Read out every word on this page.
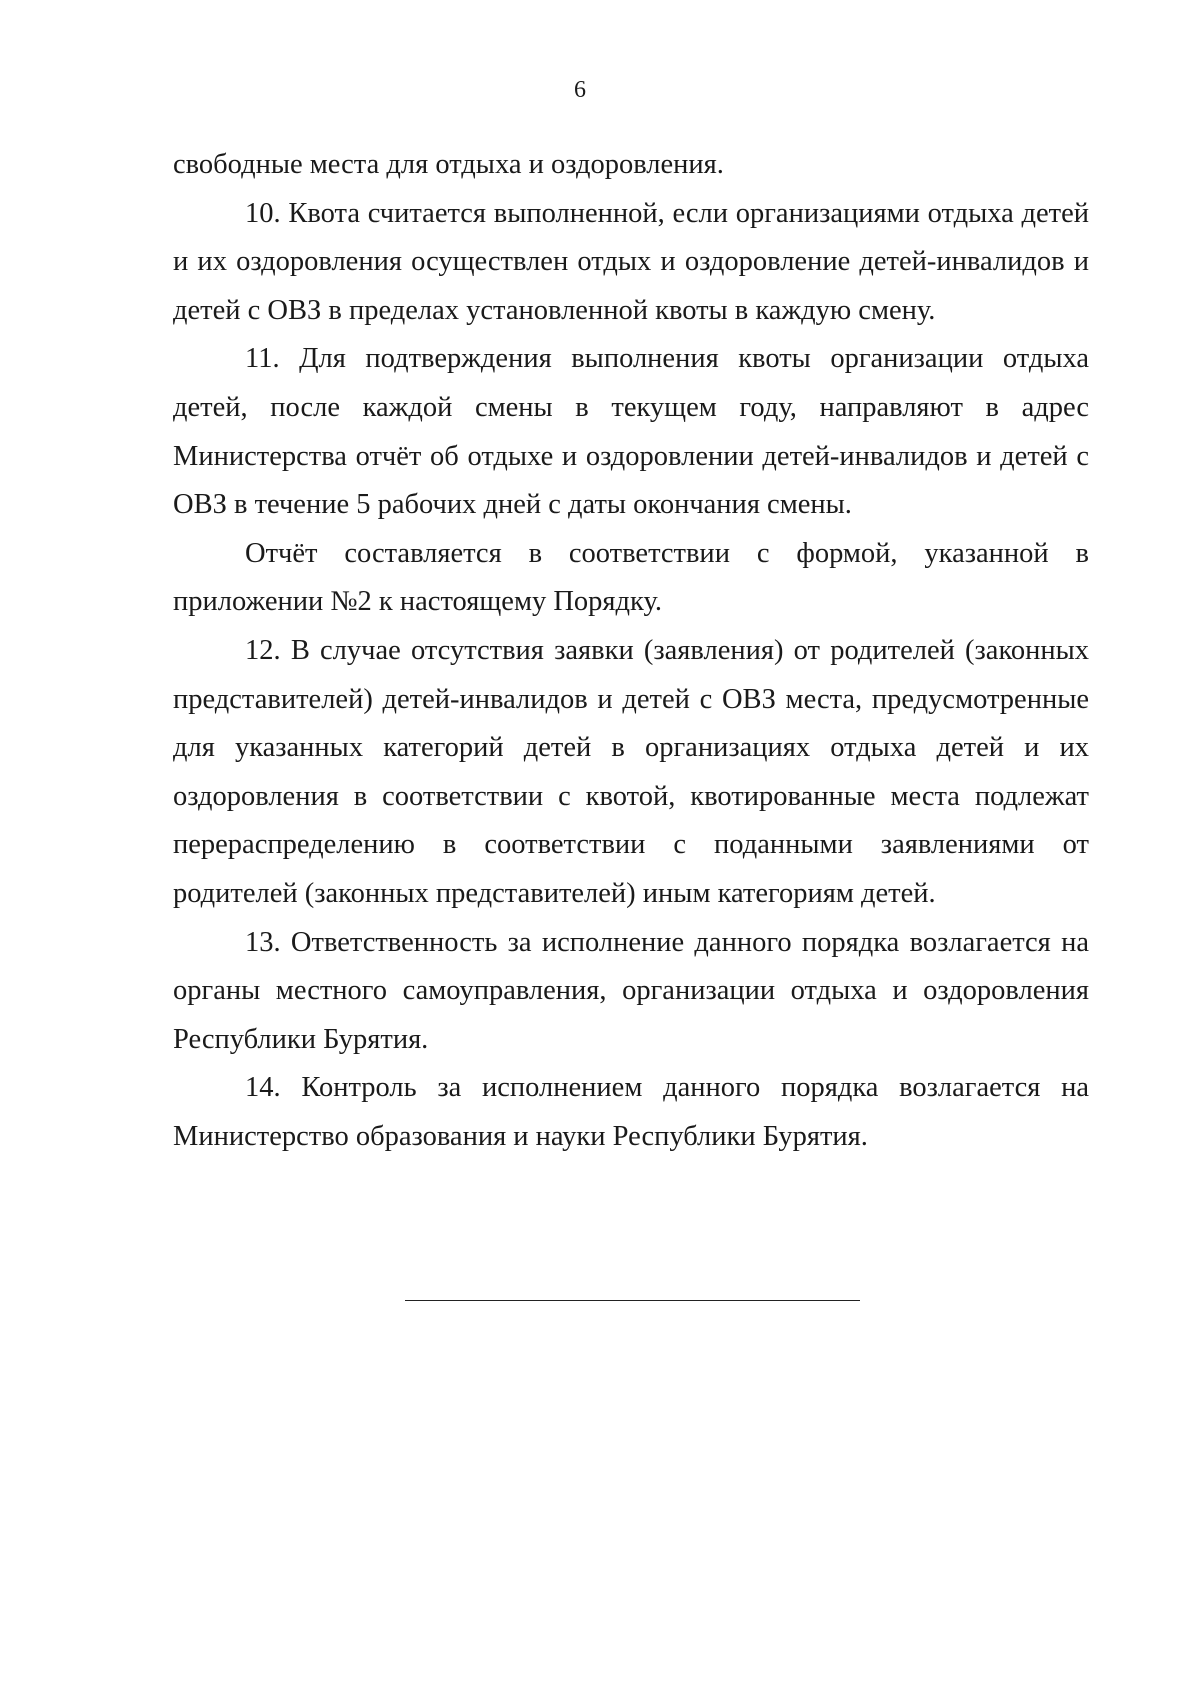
6

свободные места для отдыха и оздоровления.

10. Квота считается выполненной, если организациями отдыха детей и их оздоровления осуществлен отдых и оздоровление детей-инвалидов и детей с ОВЗ в пределах установленной квоты в каждую смену.

11. Для подтверждения выполнения квоты организации отдыха детей, после каждой смены в текущем году, направляют в адрес Министерства отчёт об отдыхе и оздоровлении детей-инвалидов и детей с ОВЗ в течение 5 рабочих дней с даты окончания смены.

Отчёт составляется в соответствии с формой, указанной в приложении №2 к настоящему Порядку.

12. В случае отсутствия заявки (заявления) от родителей (законных представителей) детей-инвалидов и детей с ОВЗ места, предусмотренные для указанных категорий детей в организациях отдыха детей и их оздоровления в соответствии с квотой, квотированные места подлежат перераспределению в соответствии с поданными заявлениями от родителей (законных представителей) иным категориям детей.

13. Ответственность за исполнение данного порядка возлагается на органы местного самоуправления, организации отдыха и оздоровления Республики Бурятия.

14. Контроль за исполнением данного порядка возлагается на Министерство образования и науки Республики Бурятия.
